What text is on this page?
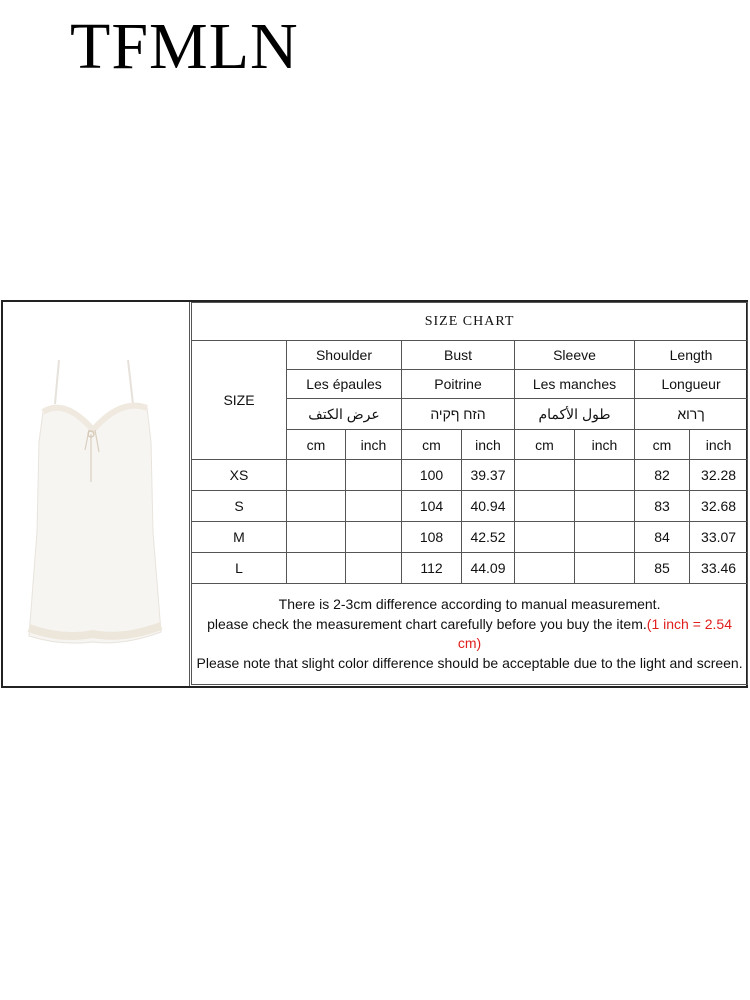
TFMLN
SIZE CHART								
SIZE	Shoulder		Bust		Sleeve		Length	
	Les épaules		Poitrine		Les manches		Longueur	
	عرض الكتف		הזח ףקיה		طول الأكمام		ךרוא	
	cm	inch	cm	inch	cm	inch	cm	inch
XS			100	39.37			82	32.28
S			104	40.94			83	32.68
M			108	42.52			84	33.07
L			112	44.09			85	33.46
There is 2-3cm difference according to manual measurement.
please check the measurement chart carefully before you buy the item.(1 inch = 2.54 cm)
Please note that slight color difference should be acceptable due to the light and screen.								
